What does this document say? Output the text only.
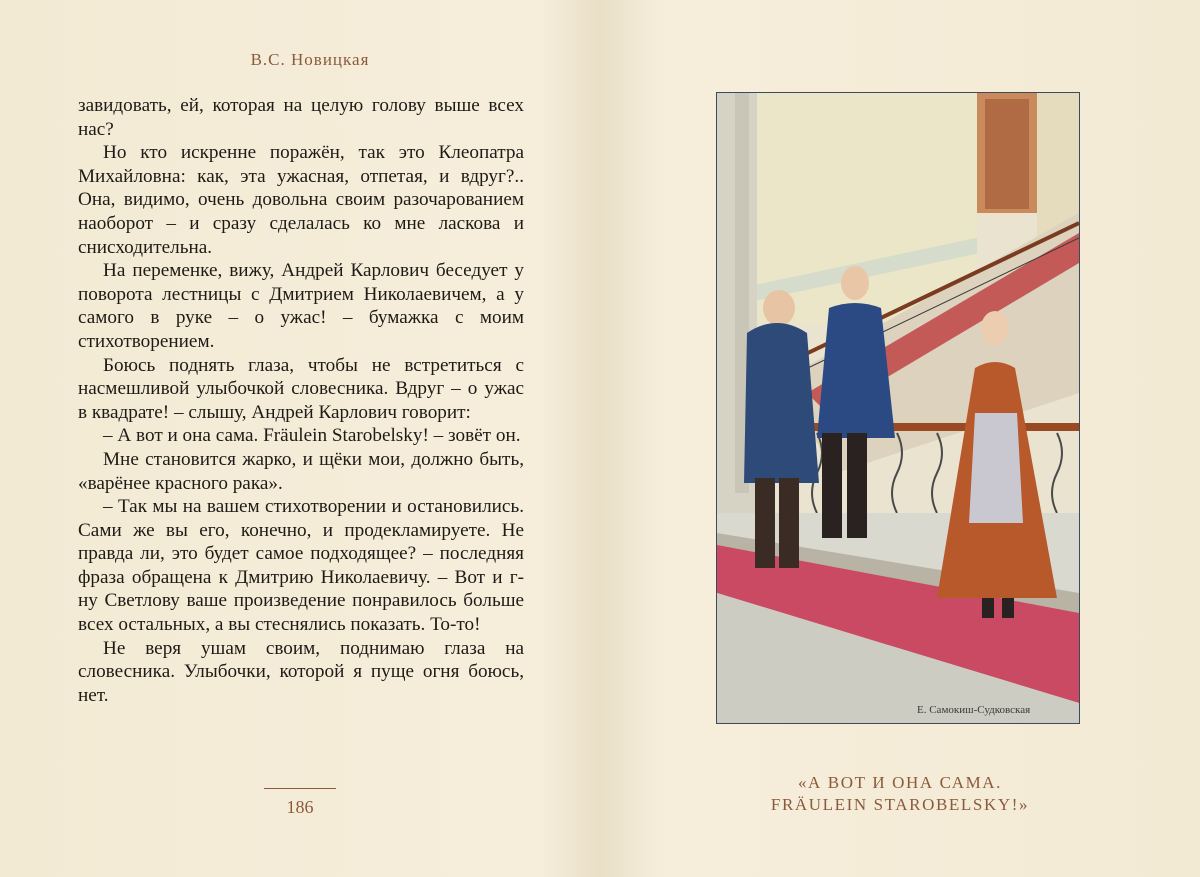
В.С. Новицкая

завидовать, ей, которая на целую голову выше всех нас?

Но кто искренне поражён, так это Клеопатра Михайловна: как, эта ужасная, отпетая, и вдруг?.. Она, видимо, очень довольна своим разочарованием наоборот – и сразу сделалась ко мне ласкова и снисходительна.

На переменке, вижу, Андрей Карлович беседует у поворота лестницы с Дмитрием Николаевичем, а у самого в руке – о ужас! – бумажка с моим стихотворением.

Боюсь поднять глаза, чтобы не встретиться с насмешливой улыбочкой словесника. Вдруг – о ужас в квадрате! – слышу, Андрей Карлович говорит:

– А вот и она сама. Fräulein Starobelsky! – зовёт он.

Мне становится жарко, и щёки мои, должно быть, «варёнее красного рака».

– Так мы на вашем стихотворении и остановились. Сами же вы его, конечно, и продекламируете. Не правда ли, это будет самое подходящее? – последняя фраза обращена к Дмитрию Николаевичу. – Вот и г-ну Светлову ваше произведение понравилось больше всех остальных, а вы стеснялись показать. То-то!

Не веря ушам своим, поднимаю глаза на словесника. Улыбочки, которой я пуще огня боюсь, нет.

186
Е. Самокиш-Судковская
«А ВОТ И ОНА САМА.
FRÄULEIN STAROBELSKY!»
